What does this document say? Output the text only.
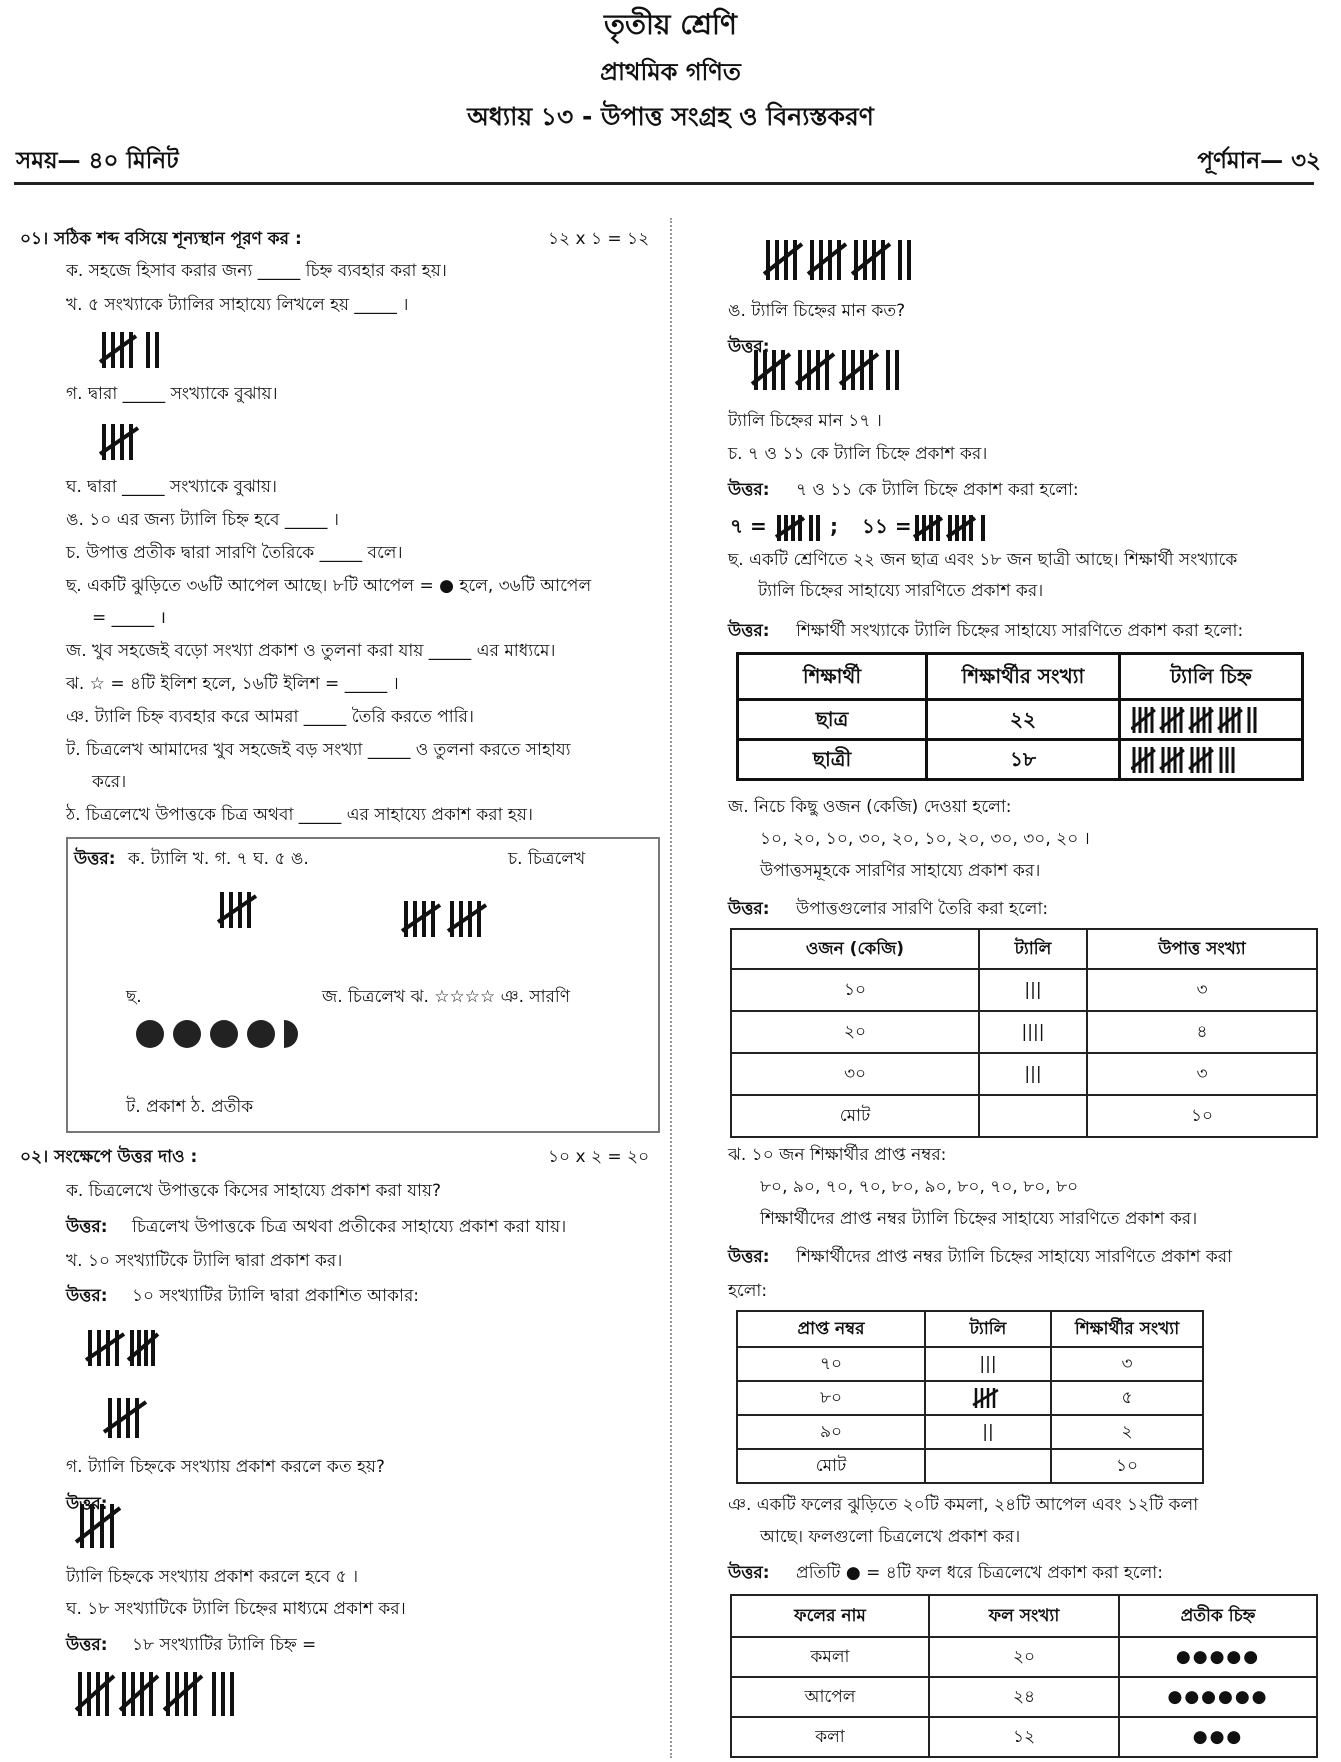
তৃতীয় শ্রেণি
প্রাথমিক গণিত
অধ্যায় ১৩ - উপাত্ত সংগ্রহ ও বিন্যস্তকরণ
সময়— ৪০ মিনিট	পূর্ণমান— ৩২
০১। সঠিক শব্দ বসিয়ে শূন্যস্থান পূরণ কর :	১২ x ১ = ১২
ক. সহজে হিসাব করার জন্য _____ চিহ্ন ব্যবহার করা হয়।
খ. ৫ সংখ্যাকে ট্যালির সাহায্যে লিখলে হয় _____ ।
গ. দ্বারা _____ সংখ্যাকে বুঝায়।
ঘ. দ্বারা _____ সংখ্যাকে বুঝায়।
ঙ. ১০ এর জন্য ট্যালি চিহ্ন হবে _____ ।
চ. উপাত্ত প্রতীক দ্বারা সারণি তৈরিকে _____ বলে।
ছ. একটি ঝুড়িতে ৩৬টি আপেল আছে। ৮টি আপেল = ● হলে, ৩৬টি আপেল
= _____ ।
জ. খুব সহজেই বড়ো সংখ্যা প্রকাশ ও তুলনা করা যায় _____ এর মাধ্যমে।
ঝ. ☆ = ৪টি ইলিশ হলে, ১৬টি ইলিশ = _____ ।
ঞ. ট্যালি চিহ্ন ব্যবহার করে আমরা _____ তৈরি করতে পারি।
ট. চিত্রলেখ আমাদের খুব সহজেই বড় সংখ্যা _____ ও তুলনা করতে সাহায্য
করে।
ঠ. চিত্রলেখে উপাত্তকে চিত্র অথবা _____ এর সাহায্যে প্রকাশ করা হয়।
উত্তর: ক. ট্যালি খ. গ. ৭ ঘ. ৫ ঙ.	চ. চিত্রলেখ
ছ.	জ. চিত্রলেখ ঝ. ☆☆☆☆ ঞ. সারণি
ট. প্রকাশ ঠ. প্রতীক
০২। সংক্ষেপে উত্তর দাও :	১০ x ২ = ২০
ক. চিত্রলেখে উপাত্তকে কিসের সাহায্যে প্রকাশ করা যায়?
উত্তর: চিত্রলেখ উপাত্তকে চিত্র অথবা প্রতীকের সাহায্যে প্রকাশ করা যায়।
খ. ১০ সংখ্যাটিকে ট্যালি দ্বারা প্রকাশ কর।
উত্তর: ১০ সংখ্যাটির ট্যালি দ্বারা প্রকাশিত আকার:
গ. ট্যালি চিহ্নকে সংখ্যায় প্রকাশ করলে কত হয়?
উত্তর:
ট্যালি চিহ্নকে সংখ্যায় প্রকাশ করলে হবে ৫ ।
ঘ. ১৮ সংখ্যাটিকে ট্যালি চিহ্নের মাধ্যমে প্রকাশ কর।
উত্তর: ১৮ সংখ্যাটির ট্যালি চিহ্ন =
ঙ. ট্যালি চিহ্নের মান কত?
উত্তর:
ট্যালি চিহ্নের মান ১৭ ।
চ. ৭ ও ১১ কে ট্যালি চিহ্নে প্রকাশ কর।
উত্তর: ৭ ও ১১ কে ট্যালি চিহ্নে প্রকাশ করা হলো:
৭ =	; ১১ =
ছ. একটি শ্রেণিতে ২২ জন ছাত্র এবং ১৮ জন ছাত্রী আছে। শিক্ষার্থী সংখ্যাকে
ট্যালি চিহ্নের সাহায্যে সারণিতে প্রকাশ কর।
উত্তর: শিক্ষার্থী সংখ্যাকে ট্যালি চিহ্নের সাহায্যে সারণিতে প্রকাশ করা হলো:
শিক্ষার্থী	শিক্ষার্থীর সংখ্যা	ট্যালি চিহ্ন
ছাত্র	২২	

ছাত্রী	১৮	
জ. নিচে কিছু ওজন (কেজি) দেওয়া হলো:
১০, ২০, ১০, ৩০, ২০, ১০, ২০, ৩০, ৩০, ২০ ।
উপাত্তসমূহকে সারণির সাহায্যে প্রকাশ কর।
উত্তর: উপাত্তগুলোর সারণি তৈরি করা হলো:
ওজন (কেজি)	ট্যালি	উপাত্ত সংখ্যা
১০	|||	৩
২০	||||	৪
৩০	|||	৩
মোট		১০
ঝ. ১০ জন শিক্ষার্থীর প্রাপ্ত নম্বর:
৮০, ৯০, ৭০, ৭০, ৮০, ৯০, ৮০, ৭০, ৮০, ৮০
শিক্ষার্থীদের প্রাপ্ত নম্বর ট্যালি চিহ্নের সাহায্যে সারণিতে প্রকাশ কর।
উত্তর: শিক্ষার্থীদের প্রাপ্ত নম্বর ট্যালি চিহ্নের সাহায্যে সারণিতে প্রকাশ করা
হলো:
প্রাপ্ত নম্বর	ট্যালি	শিক্ষার্থীর সংখ্যা
৭০	|||	৩
৮০		৫
৯০	||	২
মোট		১০
ঞ. একটি ফলের ঝুড়িতে ২০টি কমলা, ২৪টি আপেল এবং ১২টি কলা
আছে। ফলগুলো চিত্রলেখে প্রকাশ কর।
উত্তর: প্রতিটি ● = ৪টি ফল ধরে চিত্রলেখে প্রকাশ করা হলো:
ফলের নাম	ফল সংখ্যা	প্রতীক চিহ্ন
কমলা	২০	●●●●●
আপেল	২৪	●●●●●●
কলা	১২	●●●
